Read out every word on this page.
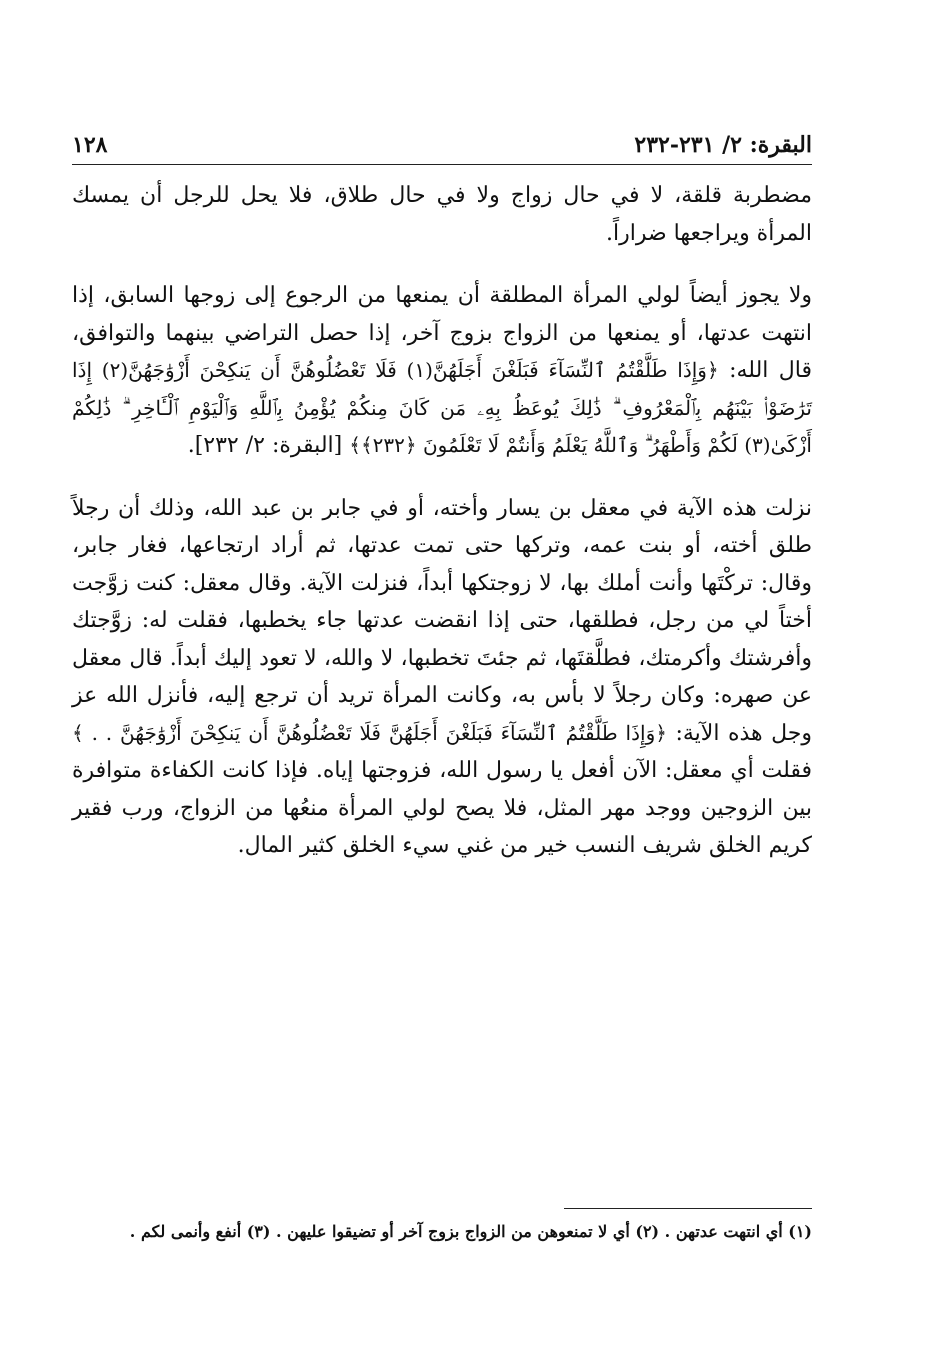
البقرة: ٢/ ٢٣١-٢٣٢
١٢٨

مضطربة قلقة، لا في حال زواج ولا في حال طلاق، فلا يحل للرجل أن يمسك المرأة ويراجعها ضراراً.

ولا يجوز أيضاً لولي المرأة المطلقة أن يمنعها من الرجوع إلى زوجها السابق، إذا انتهت عدتها، أو يمنعها من الزواج بزوج آخر، إذا حصل التراضي بينهما والتوافق، قال الله: ﴿وَإِذَا طَلَّقْتُمُ ٱلنِّسَآءَ فَبَلَغْنَ أَجَلَهُنَّ(١) فَلَا تَعْضُلُوهُنَّ أَن يَنكِحْنَ أَزْوَٰجَهُنَّ(٢) إِذَا تَرَٰضَوْا۟ بَيْنَهُم بِٱلْمَعْرُوفِ ۗ ذَٰلِكَ يُوعَظُ بِهِۦ مَن كَانَ مِنكُمْ يُؤْمِنُ بِٱللَّهِ وَٱلْيَوْمِ ٱلْـَٔاخِرِ ۗ ذَٰلِكُمْ أَزْكَىٰ(٣) لَكُمْ وَأَطْهَرُ ۗ وَٱللَّهُ يَعْلَمُ وَأَنتُمْ لَا تَعْلَمُونَ ﴿٢٣٢﴾﴾ [البقرة: ٢/ ٢٣٢].

نزلت هذه الآية في معقل بن يسار وأخته، أو في جابر بن عبد الله، وذلك أن رجلاً طلق أخته، أو بنت عمه، وتركها حتى تمت عدتها، ثم أراد ارتجاعها، فغار جابر، وقال: تركْتَها وأنت أملك بها، لا زوجتكها أبداً، فنزلت الآية. وقال معقل: كنت زوَّجت أختاً لي من رجل، فطلقها، حتى إذا انقضت عدتها جاء يخطبها، فقلت له: زوَّجتك وأفرشتك وأكرمتك، فطلَّقتَها، ثم جئتَ تخطبها، لا والله، لا تعود إليك أبداً. قال معقل عن صهره: وكان رجلاً لا بأس به، وكانت المرأة تريد أن ترجع إليه، فأنزل الله عز وجل هذه الآية: ﴿وَإِذَا طَلَّقْتُمُ ٱلنِّسَآءَ فَبَلَغْنَ أَجَلَهُنَّ فَلَا تَعْضُلُوهُنَّ أَن يَنكِحْنَ أَزْوَٰجَهُنَّ . . ﴾ فقلت أي معقل: الآن أفعل يا رسول الله، فزوجتها إياه. فإذا كانت الكفاءة متوافرة بين الزوجين ووجد مهر المثل، فلا يصح لولي المرأة منعُها من الزواج، ورب فقير كريم الخلق شريف النسب خير من غني سيء الخلق كثير المال.

(١) أي انتهت عدتهن . (٢) أي لا تمنعوهن من الزواج بزوج آخر أو تضيقوا عليهن . (٣) أنفع وأنمى لكم .
